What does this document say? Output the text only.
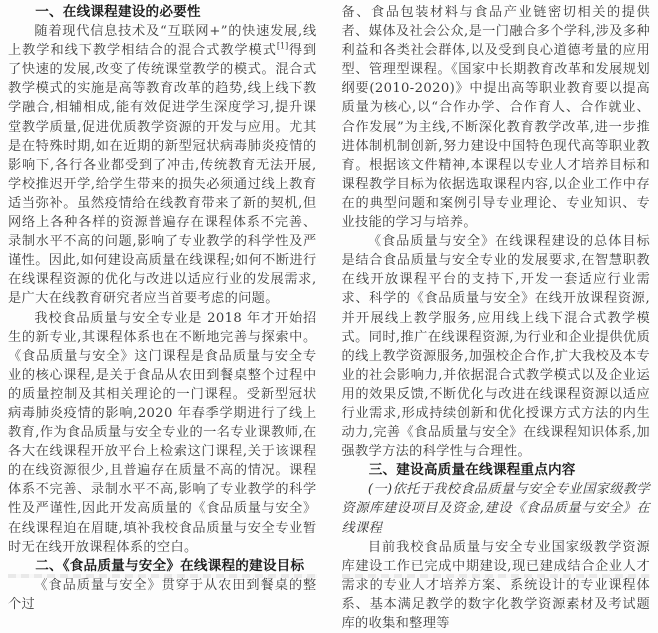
一、在线课程建设的必要性
随着现代信息技术及“互联网+”的快速发展,线上教学和线下教学相结合的混合式教学模式[1]得到了快速的发展,改变了传统课堂教学的模式。混合式教学模式的实施是高等教育改革的趋势,线上线下教学融合,相辅相成,能有效促进学生深度学习,提升课堂教学质量,促进优质教学资源的开发与应用。尤其是在特殊时期,如在近期的新型冠状病毒肺炎疫情的影响下,各行各业都受到了冲击,传统教育无法开展,学校推迟开学,给学生带来的损失必须通过线上教育适当弥补。虽然疫情给在线教育带来了新的契机,但网络上各种各样的资源普遍存在课程体系不完善、录制水平不高的问题,影响了专业教学的科学性及严谨性。因此,如何建设高质量在线课程;如何不断进行在线课程资源的优化与改进以适应行业的发展需求,是广大在线教育研究者应当首要考虑的问题。
我校食品质量与安全专业是 2018 年才开始招生的新专业,其课程体系也在不断地完善与探索中。《食品质量与安全》这门课程是食品质量与安全专业的核心课程,是关于食品从农田到餐桌整个过程中的质量控制及其相关理论的一门课程。受新型冠状病毒肺炎疫情的影响,2020 年春季学期进行了线上教育,作为食品质量与安全专业的一名专业课教师,在各大在线课程开放平台上检索这门课程,关于该课程的在线资源很少,且普遍存在质量不高的情况。课程体系不完善、录制水平不高,影响了专业教学的科学性及严谨性,因此开发高质量的《食品质量与安全》在线课程迫在眉睫,填补我校食品质量与安全专业暂时无在线开放课程体系的空白。
二、《食品质量与安全》在线课程的建设目标
《食品质量与安全》贯穿于从农田到餐桌的整个过
备、食品包装材料与食品产业链密切相关的提供者、媒体及社会公众,是一门融合多个学科,涉及多种利益和各类社会群体,以及受到良心道德考量的应用型、管理型课程。《国家中长期教育改革和发展规划纲要(2010-2020)》中提出高等职业教育要以提高质量为核心,以“合作办学、合作育人、合作就业、合作发展”为主线,不断深化教育教学改革,进一步推进体制机制创新,努力建设中国特色现代高等职业教育。根据该文件精神,本课程以专业人才培养目标和课程教学目标为依据选取课程内容,以企业工作中存在的典型问题和案例引导专业理论、专业知识、专业技能的学习与培养。
《食品质量与安全》在线课程建设的总体目标是结合食品质量与安全专业的发展要求,在智慧职教在线开放课程平台的支持下,开发一套适应行业需求、科学的《食品质量与安全》在线开放课程资源,并开展线上教学服务,应用线上线下混合式教学模式。同时,推广在线课程资源,为行业和企业提供优质的线上教学资源服务,加强校企合作,扩大我校及本专业的社会影响力,并依据混合式教学模式以及企业运用的效果反馈,不断优化与改进在线课程资源以适应行业需求,形成持续创新和优化授课方式方法的内生动力,完善《食品质量与安全》在线课程知识体系,加强教学方法的科学性与合理性。
三、建设高质量在线课程重点内容
(一)依托于我校食品质量与安全专业国家级教学资源库建设项目及资金,建设《食品质量与安全》在线课程
目前我校食品质量与安全专业国家级教学资源库建设工作已完成中期建设,现已建成结合企业人才需求的专业人才培养方案、系统设计的专业课程体系、基本满足教学的数字化教学资源素材及考试题库的收集和整理等
